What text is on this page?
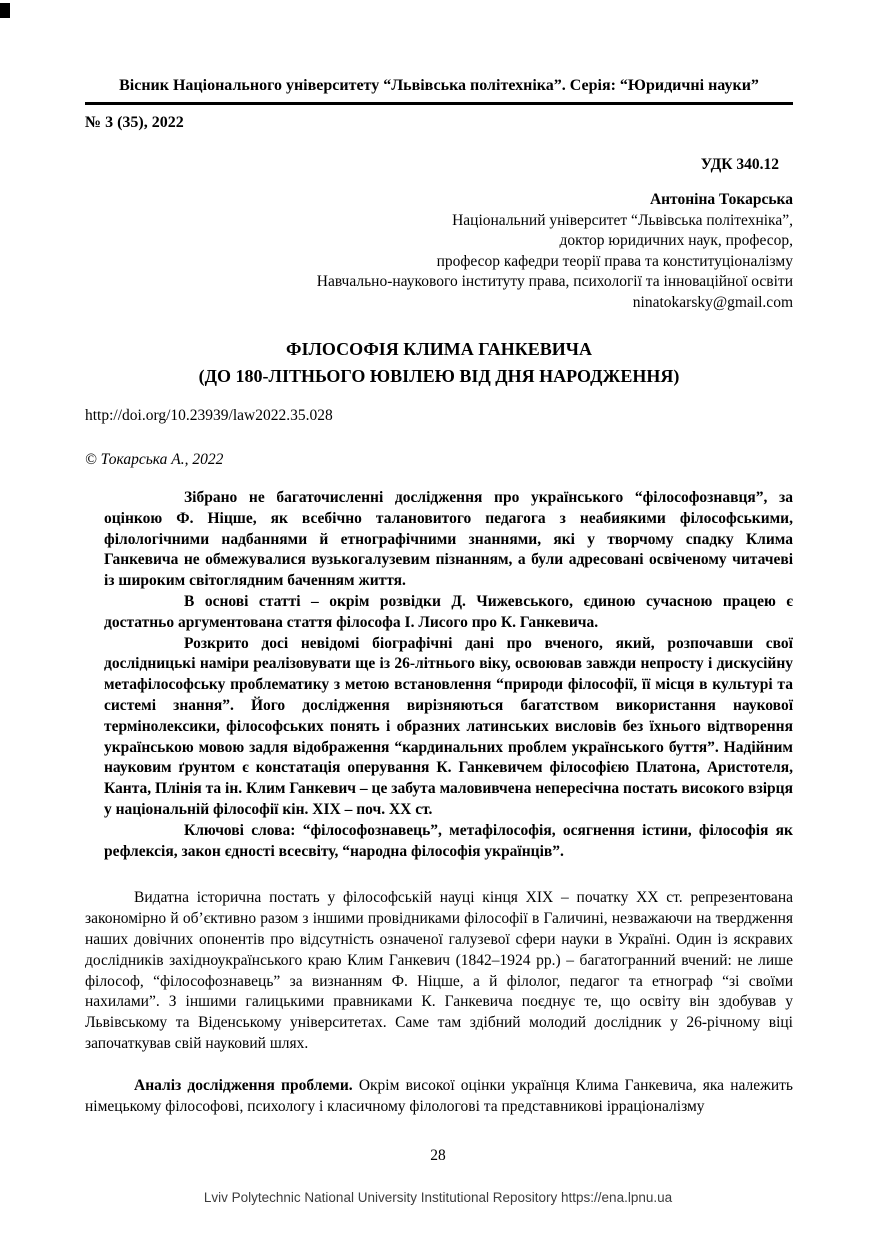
Вісник Національного університету “Львівська політехніка”. Серія: “Юридичні науки”
№ 3 (35), 2022
УДК 340.12
Антоніна Токарська
Національний університет “Львівська політехніка”,
доктор юридичних наук, професор,
професор кафедри теорії права та конституціоналізму
Навчально-наукового інституту права, психології та інноваційної освіти
ninatokarsky@gmail.com
ФІЛОСОФІЯ КЛИМА ГАНКЕВИЧА
(ДО 180-ЛІТНЬОГО ЮВІЛЕЮ ВІД ДНЯ НАРОДЖЕННЯ)
http://doi.org/10.23939/law2022.35.028
© Токарська А., 2022

Зібрано не багаточисленні дослідження про українського “філософознавця”, за оцінкою Ф. Ніцше, як всебічно талановитого педагога з неабиякими філософськими, філологічними надбаннями й етнографічними знаннями, які у творчому спадку Клима Ганкевича не обмежувалися вузькогалузевим пізнанням, а були адресовані освіченому читачеві із широким світоглядним баченням життя.

В основі статті – окрім розвідки Д. Чижевського, єдиною сучасною працею є достатньо аргументована стаття філософа І. Лисого про К. Ганкевича.

Розкрито досі невідомі біографічні дані про вченого, який, розпочавши свої дослідницькі наміри реалізовувати ще із 26-літнього віку, освоював завжди непросту і дискусійну метафілософську проблематику з метою встановлення “природи філософії, її місця в культурі та системі знання”. Його дослідження вирізняються багатством використання наукової термінолексики, філософських понять і образних латинських висловів без їхнього відтворення українською мовою задля відображення “кардинальних проблем українського буття”. Надійним науковим ґрунтом є констатація оперування К. Ганкевичем філософією Платона, Аристотеля, Канта, Плінія та ін. Клим Ганкевич – це забута маловивчена непересічна постать високого взірця у національній філософії кін. XIX – поч. XX ст.

Ключові слова: “філософознавець”, метафілософія, осягнення істини, філософія як рефлексія, закон єдності всесвіту, “народна філософія українців”.

Видатна історична постать у філософській науці кінця XIX – початку XX ст. репрезентована закономірно й об’єктивно разом з іншими провідниками філософії в Галичині, незважаючи на твердження наших довічних опонентів про відсутність означеної галузевої сфери науки в Україні. Один із яскравих дослідників західноукраїнського краю Клим Ганкевич (1842–1924 рр.) – багатогранний вчений: не лише філософ, “філософознавець” за визнанням Ф. Ніцше, а й філолог, педагог та етнограф “зі своїми нахилами”. З іншими галицькими правниками К. Ганкевича поєднує те, що освіту він здобував у Львівському та Віденському університетах. Саме там здібний молодий дослідник у 26-річному віці започаткував свій науковий шлях.

Аналіз дослідження проблеми. Окрім високої оцінки українця Клима Ганкевича, яка належить німецькому філософові, психологу і класичному філологові та представникові ірраціоналізму

28
Lviv Polytechnic National University Institutional Repository https://ena.lpnu.ua
